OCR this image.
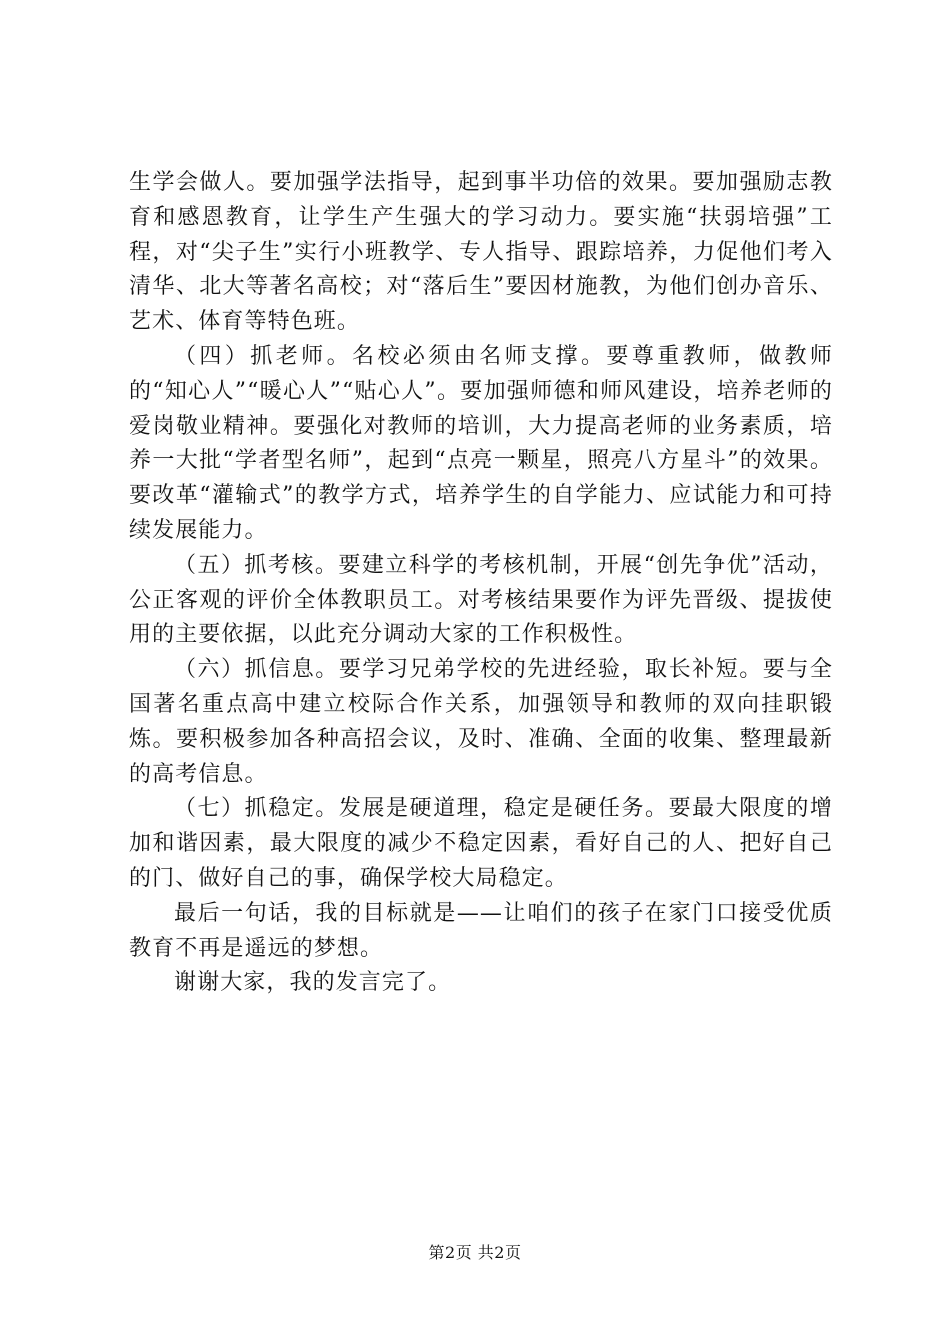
生学会做人。要加强学法指导，起到事半功倍的效果。要加强励志教育和感恩教育，让学生产生强大的学习动力。要实施“扶弱培强”工程，对“尖子生”实行小班教学、专人指导、跟踪培养，力促他们考入清华、北大等著名高校；对“落后生”要因材施教，为他们创办音乐、艺术、体育等特色班。

（四）抓老师。名校必须由名师支撑。要尊重教师，做教师的“知心人”“暖心人”“贴心人”。要加强师德和师风建设，培养老师的爱岗敬业精神。要强化对教师的培训，大力提高老师的业务素质，培养一大批“学者型名师”，起到“点亮一颗星，照亮八方星斗”的效果。要改革“灌输式”的教学方式，培养学生的自学能力、应试能力和可持续发展能力。

（五）抓考核。要建立科学的考核机制，开展“创先争优”活动，公正客观的评价全体教职员工。对考核结果要作为评先晋级、提拔使用的主要依据，以此充分调动大家的工作积极性。

（六）抓信息。要学习兄弟学校的先进经验，取长补短。要与全国著名重点高中建立校际合作关系，加强领导和教师的双向挂职锻炼。要积极参加各种高招会议，及时、准确、全面的收集、整理最新的高考信息。

（七）抓稳定。发展是硬道理，稳定是硬任务。要最大限度的增加和谐因素，最大限度的减少不稳定因素，看好自己的人、把好自己的门、做好自己的事，确保学校大局稳定。

最后一句话，我的目标就是——让咱们的孩子在家门口接受优质教育不再是遥远的梦想。

谢谢大家，我的发言完了。

第2页 共2页
